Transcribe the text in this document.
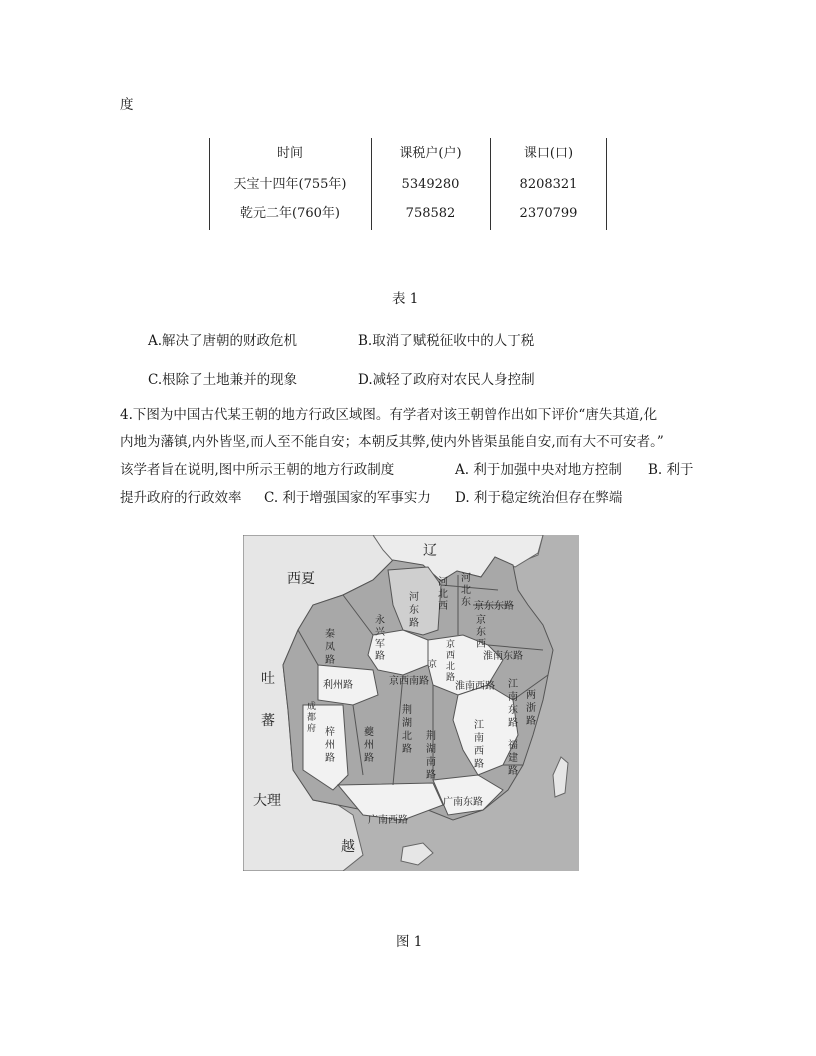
度
时间	课税户(户)	课口(口)
天宝十四年(755年)	5349280	8208321
乾元二年(760年)	758582	2370799
表 1
A.解决了唐朝的财政危机	B.取消了赋税征收中的人丁税
C.根除了土地兼并的现象	D.减轻了政府对农民人身控制
4.下图为中国古代某王朝的地方行政区域图。有学者对该王朝曾作出如下评价“唐失其道,化
内地为藩镇,内外皆坚,而人至不能自安；本朝反其弊,使内外皆渠虽能自安,而有大不可安者。”
该学者旨在说明,图中所示王朝的地方行政制度	A. 利于加强中央对地方控制 B. 利于
提升政府的行政效率 C. 利于增强国家的军事实力 D. 利于稳定统治但存在弊端
辽
西夏
吐
蕃
大理
越
京东东路
京
淮南东路
京西南路
利州路	淮南西路
广南东路
广南西路
河
东
路
河
北
西
河
北
东
京
东
西
永
兴
军
路
秦
凤
路
京
西
北
路
江
南
东
路
两
浙
路
成
都
府 梓
州
路
夔
州
路
荆
湖
北
路
荆
湖
南
路
江
南
西
路
福
建
路
图 1
